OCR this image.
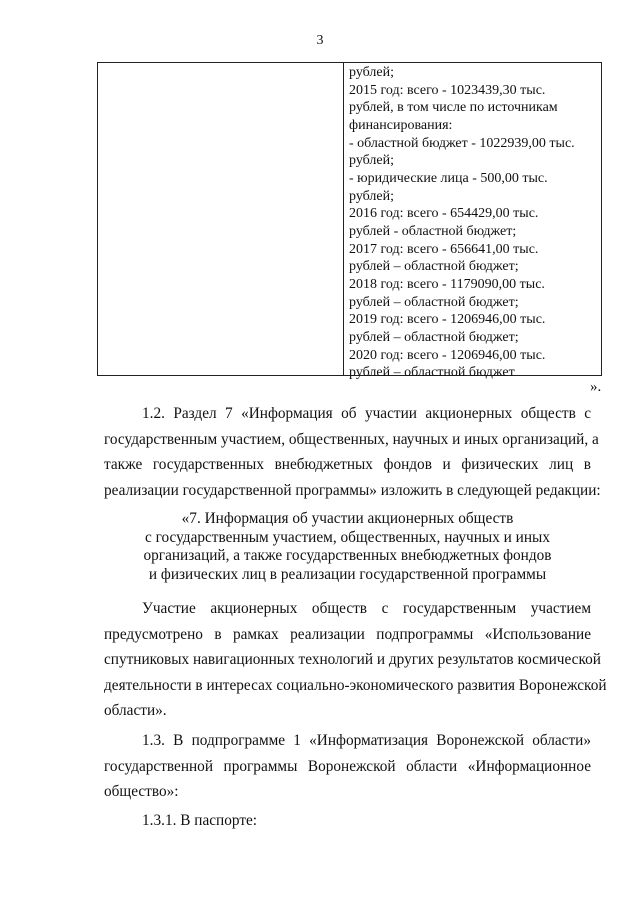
3
рублей;
2015 год: всего - 1023439,30 тыс.
рублей, в том числе по источникам
финансирования:
- областной бюджет - 1022939,00 тыс.
рублей;
- юридические лица - 500,00 тыс.
рублей;
2016 год: всего - 654429,00 тыс.
рублей - областной бюджет;
2017 год: всего - 656641,00 тыс.
рублей – областной бюджет;
2018 год: всего - 1179090,00 тыс.
рублей – областной бюджет;
2019 год: всего - 1206946,00 тыс.
рублей – областной бюджет;
2020 год: всего - 1206946,00 тыс.
рублей – областной бюджет
».
1.2. Раздел 7 «Информация об участии акционерных обществ с
государственным участием, общественных, научных и иных организаций, а
также государственных внебюджетных фондов и физических лиц в
реализации государственной программы» изложить в следующей редакции:
«7. Информация об участии акционерных обществ
с государственным участием, общественных, научных и иных
организаций, а также государственных внебюджетных фондов
и физических лиц в реализации государственной программы
Участие акционерных обществ с государственным участием
предусмотрено в рамках реализации подпрограммы «Использование
спутниковых навигационных технологий и других результатов космической
деятельности в интересах социально-экономического развития Воронежской
области».
1.3. В подпрограмме 1 «Информатизация Воронежской области»
государственной программы Воронежской области «Информационное
общество»:
1.3.1. В паспорте:
